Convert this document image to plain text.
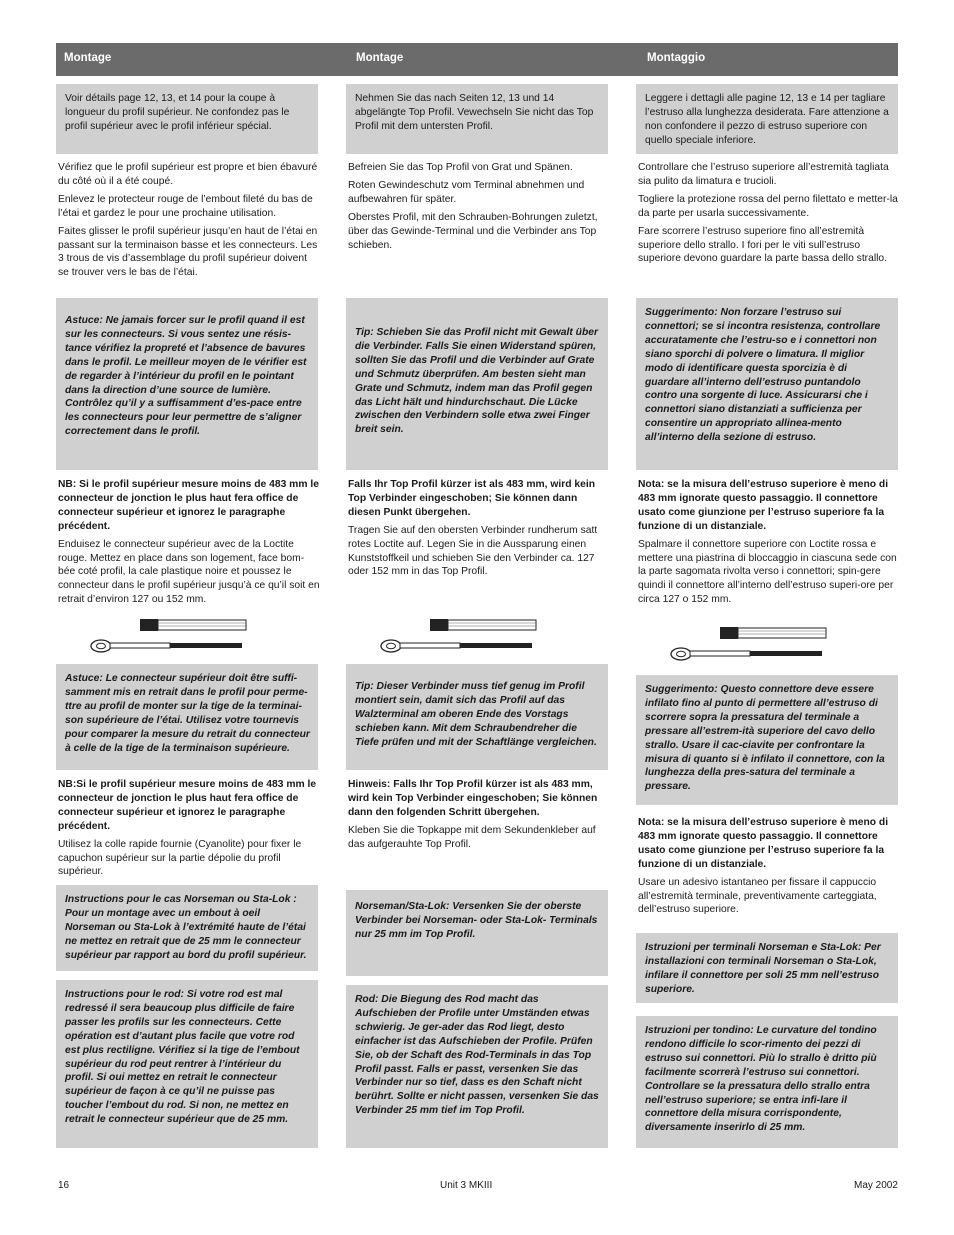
Montage	Montage	Montaggio
Voir détails page 12, 13, et 14 pour la coupe à longueur du profil supérieur. Ne confondez pas le profil supérieur avec le profil inférieur spécial.

Vérifiez que le profil supérieur est propre et bien ébavuré du côté où il a été coupé.

Enlevez le protecteur rouge de l’embout fileté du bas de l’étai et gardez le pour une prochaine utilisation.

Faites glisser le profil supérieur jusqu’en haut de l’étai en passant sur la terminaison basse et les connecteurs. Les 3 trous de vis d’assemblage du profil supérieur doivent se trouver vers le bas de l’étai.

Astuce: Ne jamais forcer sur le profil quand il est sur les connecteurs. Si vous sentez une résis-tance vérifiez la propreté et l’absence de bavures dans le profil. Le meilleur moyen de le vérifier est de regarder à l’intérieur du profil en le pointant dans la direction d’une source de lumière. Contrôlez qu’il y a suffisamment d’es-pace entre les connecteurs pour leur permettre de s’aligner correctement dans le profil.

NB: Si le profil supérieur mesure moins de 483 mm le connecteur de jonction le plus haut fera office de connecteur supérieur et ignorez le paragraphe précédent.

Enduisez le connecteur supérieur avec de la Loctite rouge. Mettez en place dans son logement, face bom-bée coté profil, la cale plastique noire et poussez le connecteur dans le profil supérieur jusqu’à ce qu’il soit en retrait d’environ 127 ou 152 mm.

Astuce: Le connecteur supérieur doit être suffi-samment mis en retrait dans le profil pour perme-ttre au profil de monter sur la tige de la terminai-son supérieure de l’étai. Utilisez votre tournevis pour comparer la mesure du retrait du connecteur à celle de la tige de la terminaison supérieure.

NB:Si le profil supérieur mesure moins de 483 mm le connecteur de jonction le plus haut fera office de connecteur supérieur et ignorez le paragraphe précédent.

Utilisez la colle rapide fournie (Cyanolite) pour fixer le capuchon supérieur sur la partie dépolie du profil supérieur.

Instructions pour le cas Norseman ou Sta-Lok : Pour un montage avec un embout à oeil Norseman ou Sta-Lok à l’extrémité haute de l’étai ne mettez en retrait que de 25 mm le connecteur supérieur par rapport au bord du profil supérieur.
Instructions pour le rod: Si votre rod est mal redressé il sera beaucoup plus difficile de faire passer les profils sur les connecteurs. Cette opération est d’autant plus facile que votre rod est plus rectiligne. Vérifiez si la tige de l’embout supérieur du rod peut rentrer à l’intérieur du profil. Si oui mettez en retrait le connecteur supérieur de façon à ce qu’il ne puisse pas toucher l’embout du rod. Si non, ne mettez en retrait le connecteur supérieur que de 25 mm.
Nehmen Sie das nach Seiten 12, 13 und 14 abgelängte Top Profil. Vewechseln Sie nicht das Top Profil mit dem untersten Profil.

Befreien Sie das Top Profil von Grat und Spänen.

Roten Gewindeschutz vom Terminal abnehmen und aufbewahren für später.

Oberstes Profil, mit den Schrauben-Bohrungen zuletzt, über das Gewinde-Terminal und die Verbinder ans Top schieben.

Tip: Schieben Sie das Profil nicht mit Gewalt über die Verbinder. Falls Sie einen Widerstand spüren, sollten Sie das Profil und die Verbinder auf Grate und Schmutz überprüfen. Am besten sieht man Grate und Schmutz, indem man das Profil gegen das Licht hält und hindurchschaut. Die Lücke zwischen den Verbindern solle etwa zwei Finger breit sein.

Falls Ihr Top Profil kürzer ist als 483 mm, wird kein Top Verbinder eingeschoben; Sie können dann diesen Punkt übergehen.

Tragen Sie auf den obersten Verbinder rundherum satt rotes Loctite auf. Legen Sie in die Aussparung einen Kunststoffkeil und schieben Sie den Verbinder ca. 127 oder 152 mm in das Top Profil.

Tip: Dieser Verbinder muss tief genug im Profil montiert sein, damit sich das Profil auf das Walzterminal am oberen Ende des Vorstags schieben kann. Mit dem Schraubendreher die Tiefe prüfen und mit der Schaftlänge vergleichen.

Hinweis: Falls Ihr Top Profil kürzer ist als 483 mm, wird kein Top Verbinder eingeschoben; Sie können dann den folgenden Schritt übergehen.

Kleben Sie die Topkappe mit dem Sekundenkleber auf das aufgerauhte Top Profil.

Norseman/Sta-Lok: Versenken Sie der oberste Verbinder bei Norseman- oder Sta-Lok- Terminals nur 25 mm im Top Profil.
Rod: Die Biegung des Rod macht das Aufschieben der Profile unter Umständen etwas schwierig. Je ger-ader das Rod liegt, desto einfacher ist das Aufschieben der Profile. Prüfen Sie, ob der Schaft des Rod-Terminals in das Top Profil passt. Falls er passt, versenken Sie das Verbinder nur so tief, dass es den Schaft nicht berührt. Sollte er nicht passen, versenken Sie das Verbinder 25 mm tief im Top Profil.
Leggere i dettagli alle pagine 12, 13 e 14 per tagliare l’estruso alla lunghezza desiderata. Fare attenzione a non confondere il pezzo di estruso superiore con quello speciale inferiore.

Controllare che l’estruso superiore all’estremità tagliata sia pulito da limatura e trucioli.

Togliere la protezione rossa del perno filettato e metter-la da parte per usarla successivamente.

Fare scorrere l’estruso superiore fino all’estremità superiore dello strallo. I fori per le viti sull’estruso superiore devono guardare la parte bassa dello strallo.

Suggerimento: Non forzare l’estruso sui connettori; se si incontra resistenza, controllare accuratamente che l’estru-so e i connettori non siano sporchi di polvere o limatura. Il miglior modo di identificare questa sporcizia è di guardare all’interno dell’estruso puntandolo contro una sorgente di luce. Assicurarsi che i connettori siano distanziati a sufficienza per consentire un appropriato allinea-mento all’interno della sezione di estruso.

Nota: se la misura dell’estruso superiore è meno di 483 mm ignorate questo passaggio. Il connettore usato come giunzione per l’estruso superiore fa la funzione di un distanziale.

Spalmare il connettore superiore con Loctite rossa e mettere una piastrina di bloccaggio in ciascuna sede con la parte sagomata rivolta verso i connettori; spin-gere quindi il connettore all’interno dell’estruso superi-ore per circa 127 o 152 mm.

Suggerimento: Questo connettore deve essere infilato fino al punto di permettere all’estruso di scorrere sopra la pressatura del terminale a pressare all’estrem-ità superiore del cavo dello strallo. Usare il cac-ciavite per confrontare la misura di quanto si è infilato il connettore, con la lunghezza della pres-satura del terminale a pressare.

Nota: se la misura dell’estruso superiore è meno di 483 mm ignorate questo passaggio. Il connettore usato come giunzione per l’estruso superiore fa la funzione di un distanziale.

Usare un adesivo istantaneo per fissare il cappuccio all’estremità terminale, preventivamente carteggiata, dell’estruso superiore.

Istruzioni per terminali Norseman e Sta-Lok: Per installazioni con terminali Norseman o Sta-Lok, infilare il connettore per soli 25 mm nell’estruso superiore.
Istruzioni per tondino: Le curvature del tondino rendono difficile lo scor-rimento dei pezzi di estruso sui connettori. Più lo strallo è dritto più facilmente scorrerà l’estruso sui connettori. Controllare se la pressatura dello strallo entra nell’estruso superiore; se entra infi-lare il connettore della misura corrispondente, diversamente inserirlo di 25 mm.
16	Unit 3 MKIII	May 2002
